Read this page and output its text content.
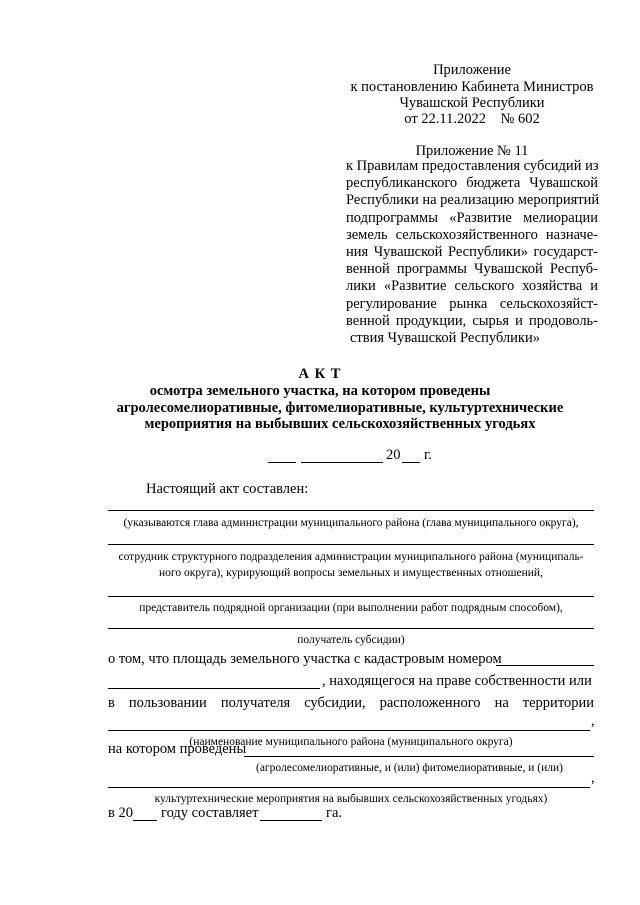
Приложение
к постановлению Кабинета Министров
Чувашской Республики
от 22.11.2022    № 602
Приложение № 11
к Правилам предоставления субсидий из
республиканского бюджета Чувашской
Республики на реализацию мероприятий
подпрограммы «Развитие мелиорации
земель сельскохозяйственного назначе-
ния Чувашской Республики» государст-
венной программы Чувашской Респуб-
лики «Развитие сельского хозяйства и
регулирование рынка сельскохозяйст-
венной продукции, сырья и продоволь-
ствия Чувашской Республики»
А К Т
осмотра земельного участка, на котором проведены
агролесомелиоративные, фитомелиоративные, культуртехнические
мероприятия на выбывших сельскохозяйственных угодьях
20 г.
Настоящий акт составлен:
(указываются глава администрации муниципального района (глава муниципального округа),
сотрудник структурного подразделения администрации муниципального района (муниципаль-
ного округа), курирующий вопросы земельных и имущественных отношений,
представитель подрядной организации (при выполнении работ подрядным способом),
получатель субсидии)
о том, что площадь земельного участка с кадастровым номером
, находящегося на праве собственности или
в пользовании получателя субсидии, расположенного на территории
,
(наименование муниципального района (муниципального округа)
на котором проведены
(агролесомелиоративные, и (или) фитомелиоративные, и (или)
,
культуртехнические мероприятия на выбывших сельскохозяйственных угодьях)
в 20 году составляет	га.
